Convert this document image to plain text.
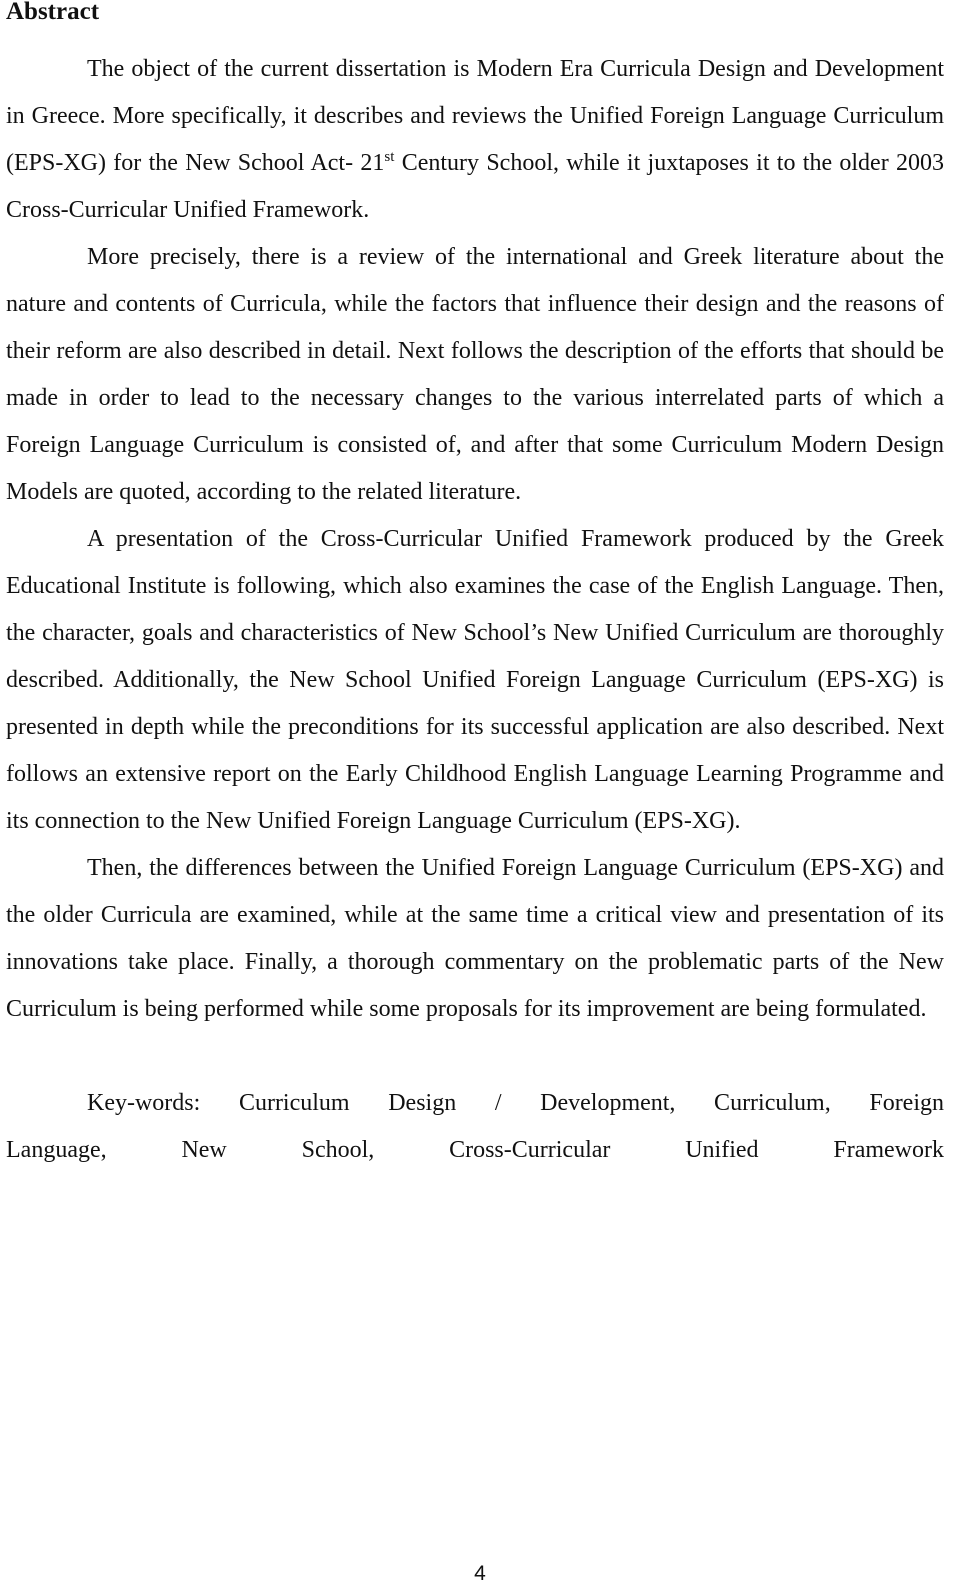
Abstract

The object of the current dissertation is Modern Era Curricula Design and Development in Greece. More specifically, it describes and reviews the Unified Foreign Language Curriculum (EPS-XG) for the New School Act- 21st Century School, while it juxtaposes it to the older 2003 Cross-Curricular Unified Framework.

More precisely, there is a review of the international and Greek literature about the nature and contents of Curricula, while the factors that influence their design and the reasons of their reform are also described in detail. Next follows the description of the efforts that should be made in order to lead to the necessary changes to the various interrelated parts of which a Foreign Language Curriculum is consisted of, and after that some Curriculum Modern Design Models are quoted, according to the related literature.

A presentation of the Cross-Curricular Unified Framework produced by the Greek Educational Institute is following, which also examines the case of the English Language. Then, the character, goals and characteristics of New School’s New Unified Curriculum are thoroughly described. Additionally, the New School Unified Foreign Language Curriculum (EPS-XG) is presented in depth while the preconditions for its successful application are also described. Next follows an extensive report on the Early Childhood English Language Learning Programme and its connection to the New Unified Foreign Language Curriculum (EPS-XG).

Then, the differences between the Unified Foreign Language Curriculum (EPS-XG) and the older Curricula are examined, while at the same time a critical view and presentation of its innovations take place. Finally, a thorough commentary on the problematic parts of the New Curriculum is being performed while some proposals for its improvement are being formulated.

Key-words: Curriculum Design / Development, Curriculum, Foreign
Language, New School, Cross-Curricular Unified Framework

4
